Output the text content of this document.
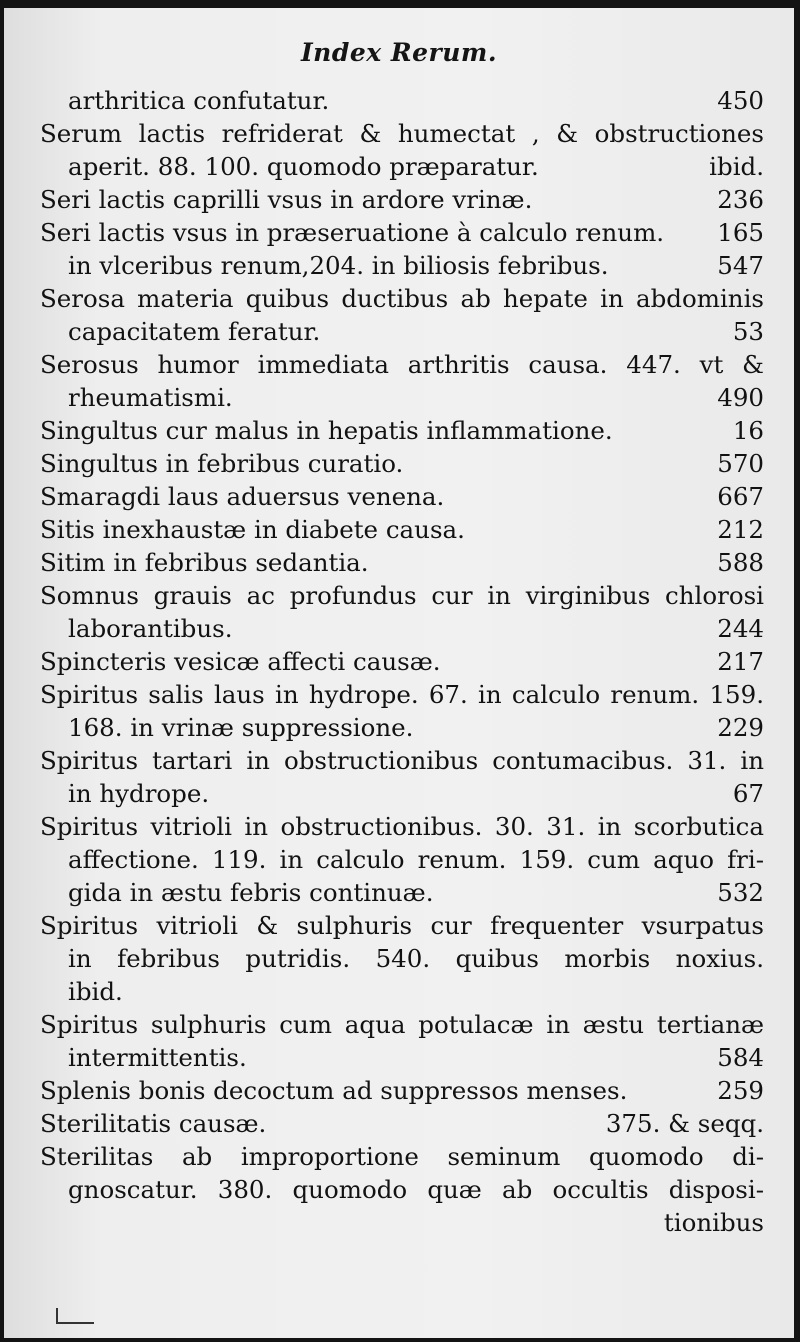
Index Rerum.
arthritica confutatur.	450
Serum lactis refriderat & humectat , & obstructiones
aperit. 88. 100. quomodo præparatur.	ibid.
Seri lactis caprilli vsus in ardore vrinæ.	236
Seri lactis vsus in præseruatione à calculo renum. 165
in vlceribus renum,204. in biliosis febribus.	547
Serosa materia quibus ductibus ab hepate in abdominis
capacitatem feratur.	53
Serosus humor immediata arthritis causa. 447. vt &
rheumatismi.	490
Singultus cur malus in hepatis inflammatione.	16
Singultus in febribus curatio.	570
Smaragdi laus aduersus venena.	667
Sitis inexhaustæ in diabete causa.	212
Sitim in febribus sedantia.	588
Somnus grauis ac profundus cur in virginibus chlorosi
laborantibus.	244
Spincteris vesicæ affecti causæ.	217
Spiritus salis laus in hydrope. 67. in calculo renum. 159.
168. in vrinæ suppressione.	229
Spiritus tartari in obstructionibus contumacibus. 31. in
in hydrope.	67
Spiritus vitrioli in obstructionibus. 30. 31. in scorbutica
affectione. 119. in calculo renum. 159. cum aquo fri-
gida in æstu febris continuæ.	532
Spiritus vitrioli & sulphuris cur frequenter vsurpatus
in febribus putridis. 540. quibus morbis noxius.
ibid.
Spiritus sulphuris cum aqua potulacæ in æstu tertianæ
intermittentis.	584
Splenis bonis decoctum ad suppressos menses.	259
Sterilitatis causæ.	375. & seqq.
Sterilitas ab improportione seminum quomodo di-
gnoscatur. 380. quomodo quæ ab occultis disposi-
tionibus
